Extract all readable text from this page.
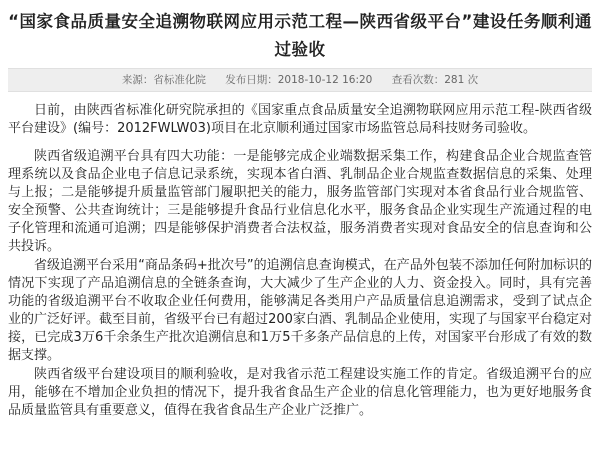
“国家食品质量安全追溯物联网应用示范工程—陕西省级平台”建设任务顺利通过验收
来源：省标准化院 发布日期：2018-10-12 16:20 查看次数：281 次

日前，由陕西省标准化研究院承担的《国家重点食品质量安全追溯物联网应用示范工程-陕西省级平台建设》(编号：2012FWLW03)项目在北京顺利通过国家市场监管总局科技财务司验收。

陕西省级追溯平台具有四大功能：一是能够完成企业端数据采集工作，构建食品企业合规监查管理系统以及食品企业电子信息记录系统，实现本省白酒、乳制品企业合规监查数据信息的采集、处理与上报；二是能够提升质量监管部门履职把关的能力，服务监管部门实现对本省食品行业合规监管、安全预警、公共查询统计；三是能够提升食品行业信息化水平，服务食品企业实现生产流通过程的电子化管理和流通可追溯；四是能够保护消费者合法权益，服务消费者实现对食品安全的信息查询和公共投诉。

省级追溯平台采用“商品条码+批次号”的追溯信息查询模式，在产品外包装不添加任何附加标识的情况下实现了产品追溯信息的全链条查询，大大减少了生产企业的人力、资金投入。同时，具有完善功能的省级追溯平台不收取企业任何费用，能够满足各类用户产品质量信息追溯需求，受到了试点企业的广泛好评。截至目前，省级平台已有超过200家白酒、乳制品企业使用，实现了与国家平台稳定对接，已完成3万6千余条生产批次追溯信息和1万5千多条产品信息的上传，对国家平台形成了有效的数据支撑。

陕西省级平台建设项目的顺利验收，是对我省示范工程建设实施工作的肯定。省级追溯平台的应用，能够在不增加企业负担的情况下，提升我省食品生产企业的信息化管理能力，也为更好地服务食品质量监管具有重要意义，值得在我省食品生产企业广泛推广。
